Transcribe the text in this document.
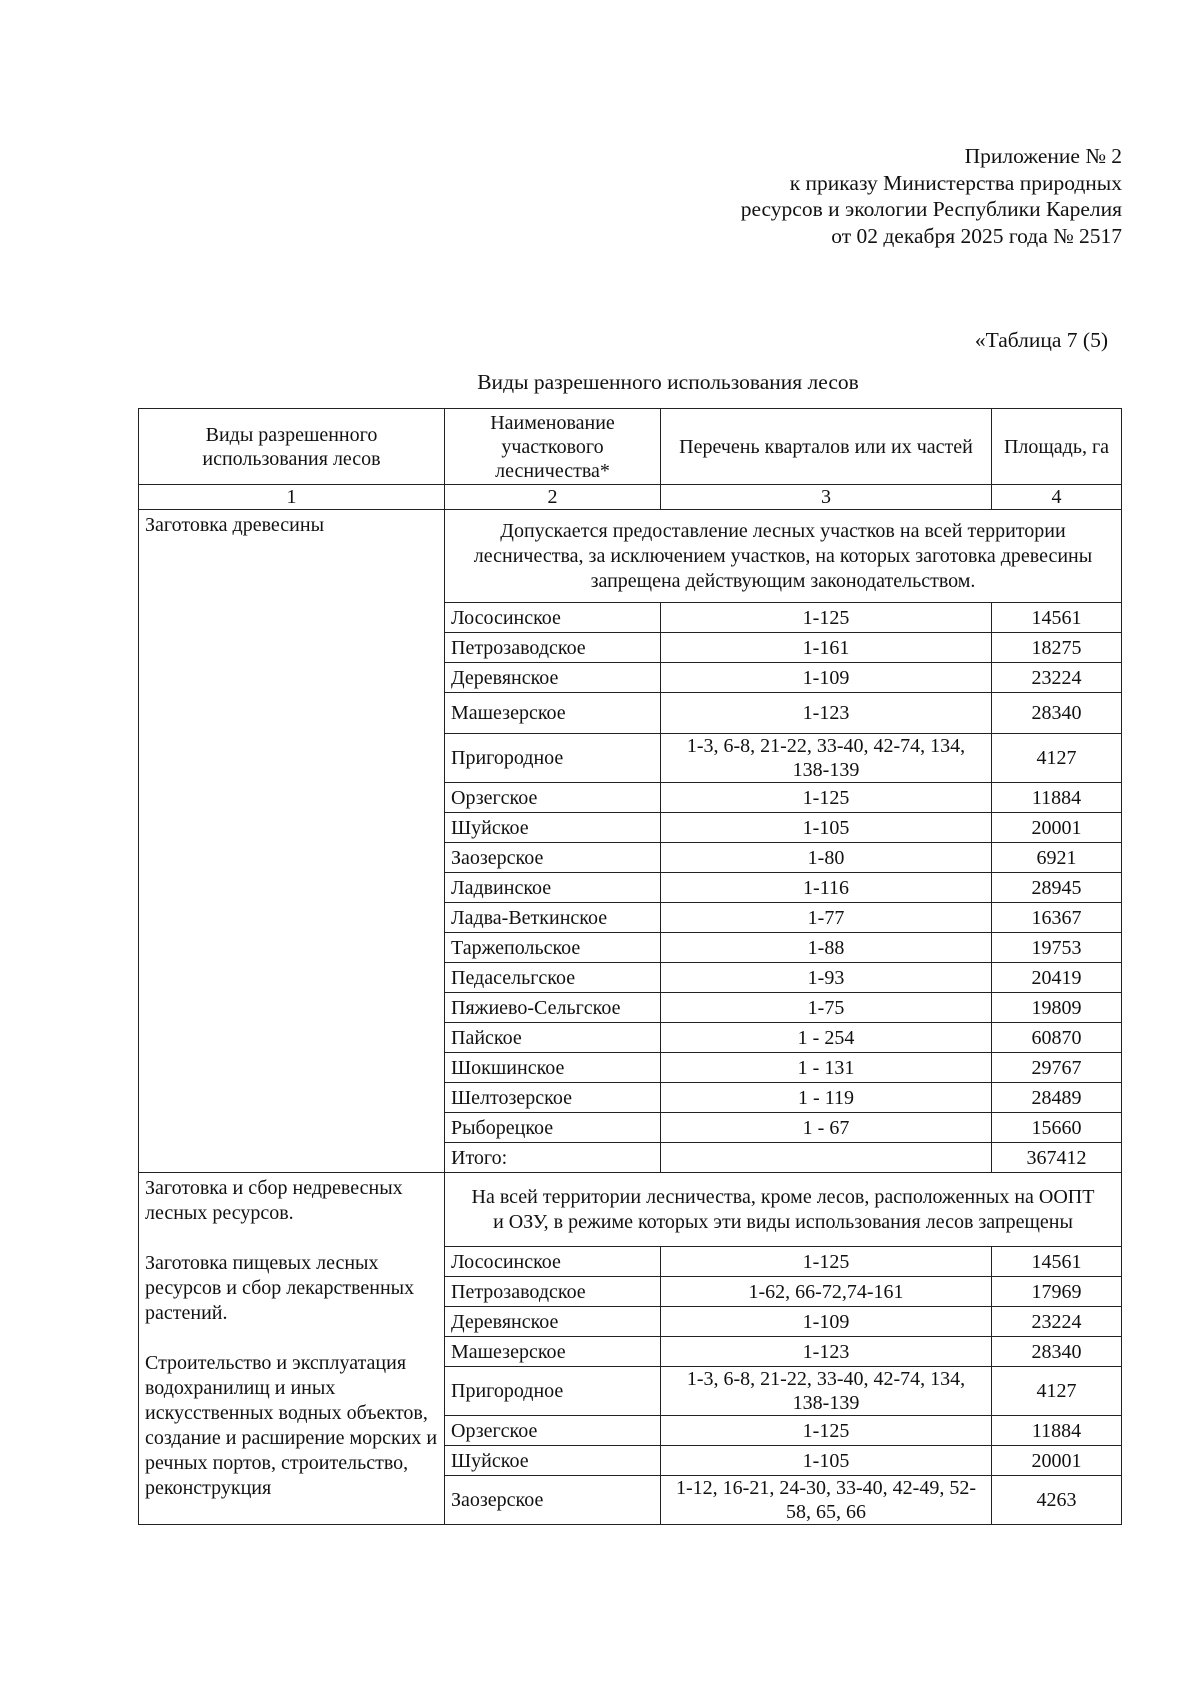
Приложение № 2
к приказу Министерства природных
ресурсов и экологии Республики Карелия
от 02 декабря 2025 года № 2517
«Таблица 7 (5)
Виды разрешенного использования лесов
Виды разрешенного использования лесов	Наименование участкового лесничества*	Перечень кварталов или их частей	Площадь, га
1	2	3	4
Заготовка древесины	Допускается предоставление лесных участков на всей территории лесничества, за исключением участков, на которых заготовка древесины запрещена действующим законодательством.		
	Лососинское	1-125	14561
	Петрозаводское	1-161	18275
	Деревянское	1-109	23224
	Машезерское	1-123	28340
	Пригородное	1-3, 6-8, 21-22, 33-40, 42-74, 134, 138-139	4127
	Орзегское	1-125	11884
	Шуйское	1-105	20001
	Заозерское	1-80	6921
	Ладвинское	1-116	28945
	Ладва-Веткинское	1-77	16367
	Таржепольское	1-88	19753
	Педасельгское	1-93	20419
	Пяжиево-Сельгское	1-75	19809
	Пайское	1 - 254	60870
	Шокшинское	1 - 131	29767
	Шелтозерское	1 - 119	28489
	Рыборецкое	1 - 67	15660
	Итого:		367412

Заготовка и сбор недревесных лесных ресурсов.

Заготовка пищевых лесных ресурсов и сбор лекарственных растений.

Строительство и эксплуатация водохранилищ и иных искусственных водных объектов, создание и расширение морских и речных портов, строительство, реконструкция	На всей территории лесничества, кроме лесов, расположенных на ООПТ и ОЗУ, в режиме которых эти виды использования лесов запрещены		
	Лососинское	1-125	14561
	Петрозаводское	1-62, 66-72,74-161	17969
	Деревянское	1-109	23224
	Машезерское	1-123	28340
	Пригородное	1-3, 6-8, 21-22, 33-40, 42-74, 134, 138-139	4127
	Орзегское	1-125	11884
	Шуйское	1-105	20001
	Заозерское	1-12, 16-21, 24-30, 33-40, 42-49, 52-58, 65, 66	4263
